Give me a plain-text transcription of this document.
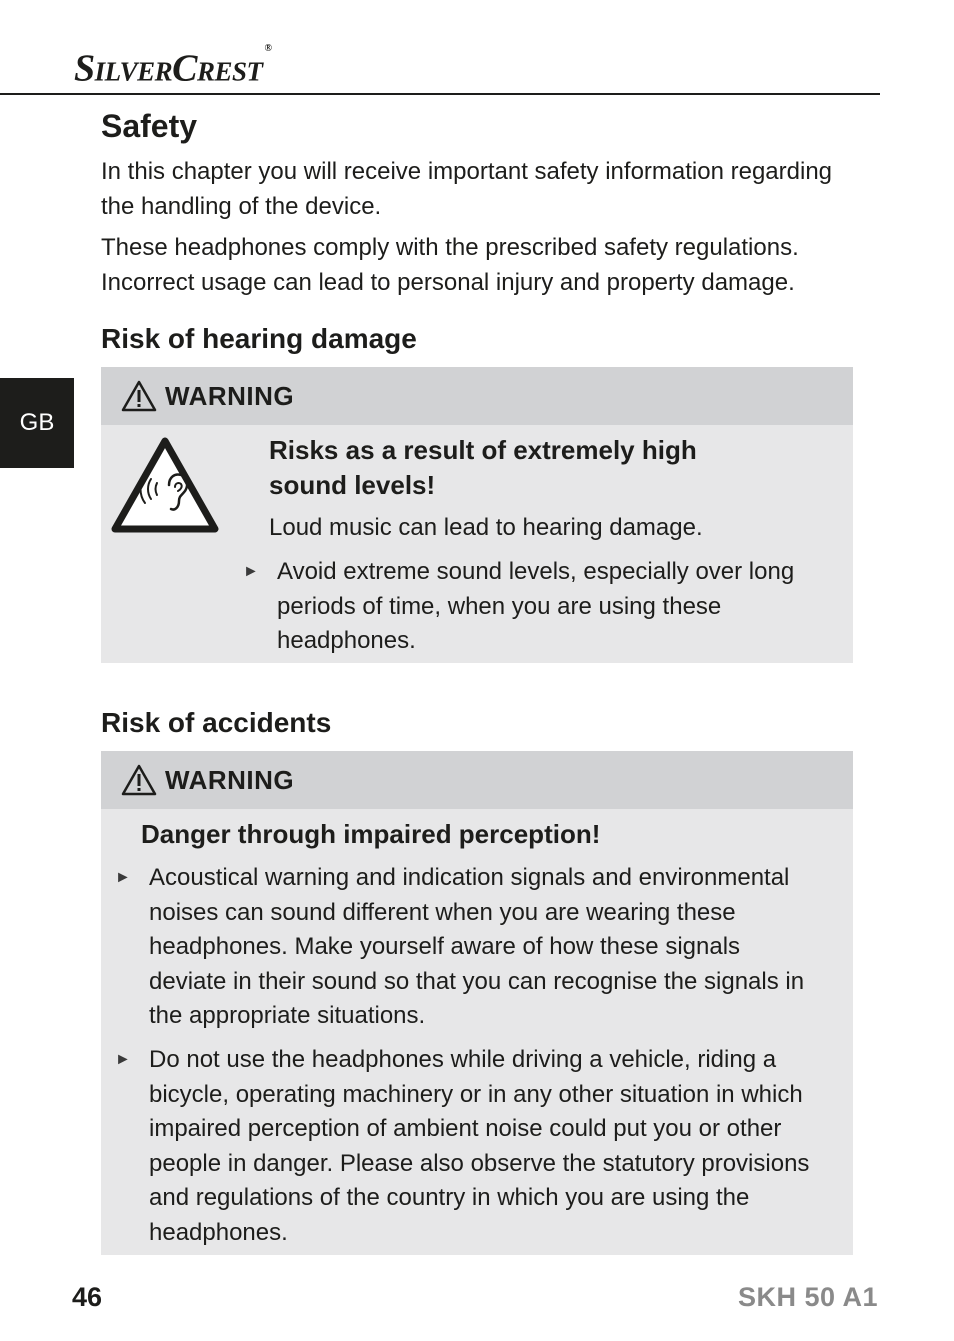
SilverCrest ®
GB
Safety

In this chapter you will receive important safety information regarding the handling of the device.

These headphones comply with the prescribed safety regulations. Incorrect usage can lead to personal injury and property damage.

Risk of hearing damage
WARNING

Risks as a result of extremely high

sound levels!

Loud music can lead to hearing damage.

► Avoid extreme sound levels, especially over long periods of time, when you are using these headphones.
Risk of accidents
WARNING

Danger through impaired perception!

► Acoustical warning and indication signals and environmental noises can sound different when you are wearing these headphones. Make yourself aware of how these signals deviate in their sound so that you can recognise the signals in the appropriate situations.
► Do not use the headphones while driving a vehicle, riding a bicycle, operating machinery or in any other situation in which impaired perception of ambient noise could put you or other people in danger. Please also observe the statutory provisions and regulations of the country in which you are using the headphones.
46	SKH 50 A1
